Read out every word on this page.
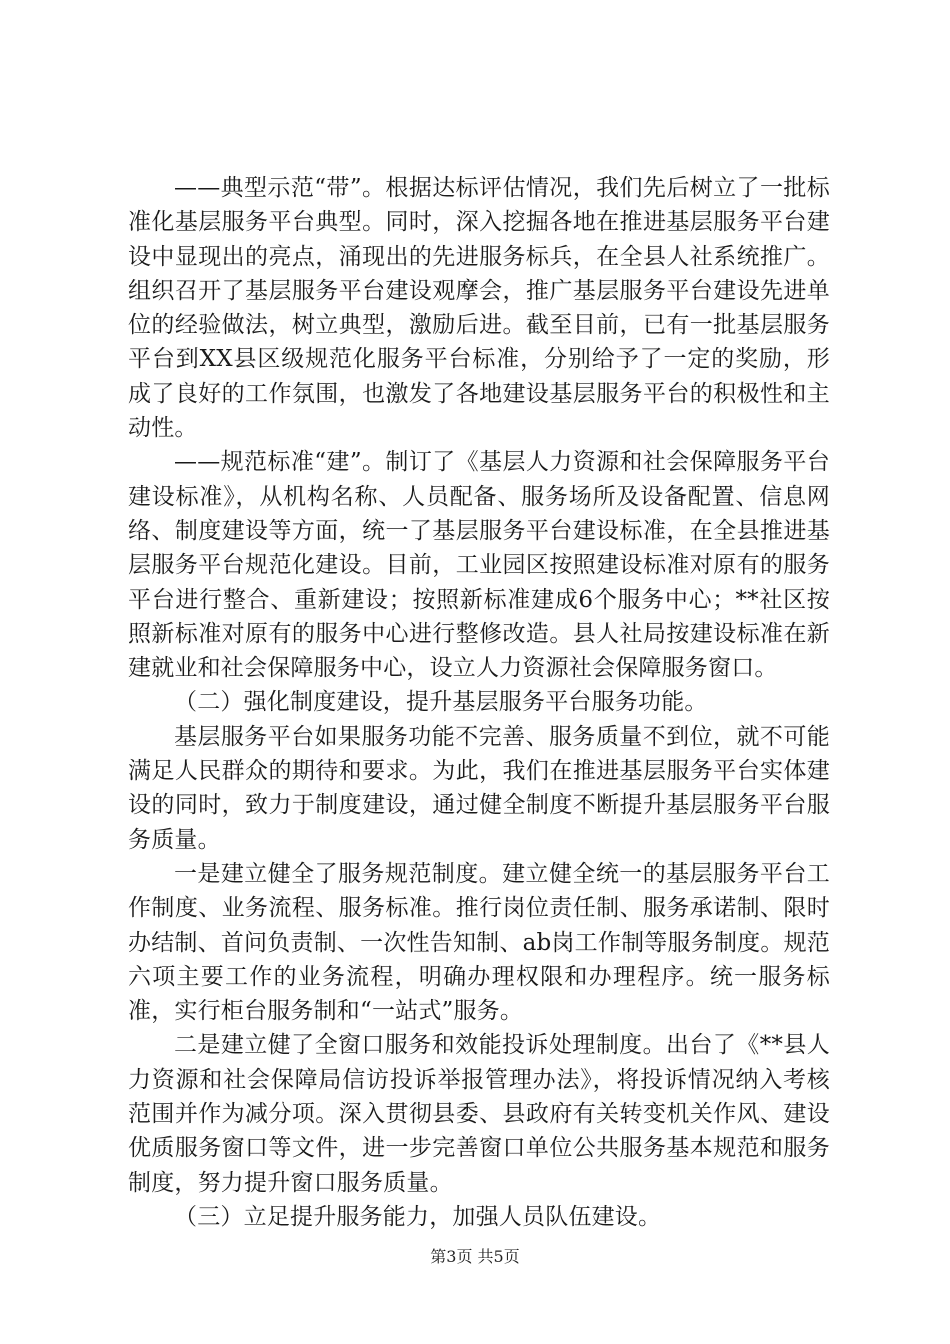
——典型示范“带”。根据达标评估情况，我们先后树立了一批标准化基层服务平台典型。同时，深入挖掘各地在推进基层服务平台建设中显现出的亮点，涌现出的先进服务标兵，在全县人社系统推广。组织召开了基层服务平台建设观摩会，推广基层服务平台建设先进单位的经验做法，树立典型，激励后进。截至目前，已有一批基层服务平台到XX县区级规范化服务平台标准，分别给予了一定的奖励，形成了良好的工作氛围，也激发了各地建设基层服务平台的积极性和主动性。

——规范标准“建”。制订了《基层人力资源和社会保障服务平台建设标准》，从机构名称、人员配备、服务场所及设备配置、信息网络、制度建设等方面，统一了基层服务平台建设标准，在全县推进基层服务平台规范化建设。目前，工业园区按照建设标准对原有的服务平台进行整合、重新建设；按照新标准建成6个服务中心；**社区按照新标准对原有的服务中心进行整修改造。县人社局按建设标准在新建就业和社会保障服务中心，设立人力资源社会保障服务窗口。

（二）强化制度建设，提升基层服务平台服务功能。

基层服务平台如果服务功能不完善、服务质量不到位，就不可能满足人民群众的期待和要求。为此，我们在推进基层服务平台实体建设的同时，致力于制度建设，通过健全制度不断提升基层服务平台服务质量。

一是建立健全了服务规范制度。建立健全统一的基层服务平台工作制度、业务流程、服务标准。推行岗位责任制、服务承诺制、限时办结制、首问负责制、一次性告知制、ab岗工作制等服务制度。规范六项主要工作的业务流程，明确办理权限和办理程序。统一服务标准，实行柜台服务制和“一站式”服务。

二是建立健了全窗口服务和效能投诉处理制度。出台了《**县人力资源和社会保障局信访投诉举报管理办法》，将投诉情况纳入考核范围并作为减分项。深入贯彻县委、县政府有关转变机关作风、建设优质服务窗口等文件，进一步完善窗口单位公共服务基本规范和服务制度，努力提升窗口服务质量。

（三）立足提升服务能力，加强人员队伍建设。

第3页 共5页
